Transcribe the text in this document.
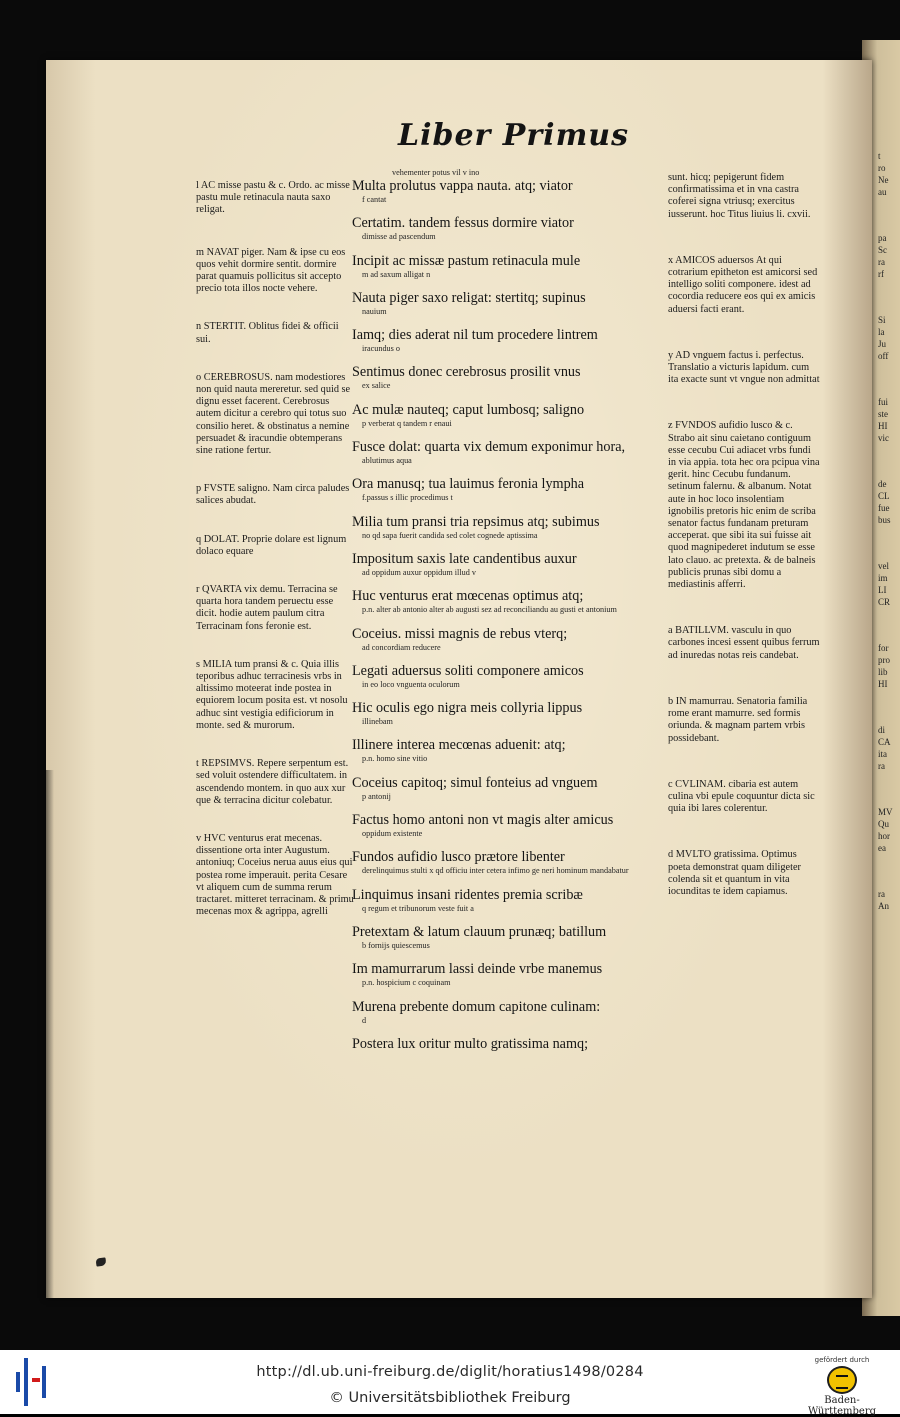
t
ro
Ne
au
pa
Sc
ra
rf
Si
la
Ju
off
fui
ste
HI
vic
de
CL
fue
bus
vel
im
LI
CR
for
pro
lib
HI
di
CA
ita
ra
MV
Qu
hor
ea
ra
An
Liber Primus
l AC misse pastu & c. Ordo. ac misse pastu mule retinacula nauta saxo religat.
m NAVAT piger. Nam & ipse cu eos quos vehit dormire sentit. dormire parat quamuis pollicitus sit accepto precio tota illos nocte vehere.
n STERTIT. Oblitus fidei & officii sui.
o CEREBROSUS. nam modestiores non quid nauta mereretur. sed quid se dignu esset facerent. Cerebrosus autem dicitur a cerebro qui totus suo consilio heret. & obstinatus a nemine persuadet & iracundie obtemperans sine ratione fertur.
p FVSTE saligno. Nam circa paludes salices abudat.
q DOLAT. Proprie dolare est lignum dolaco equare
r QVARTA vix demu. Terracina se quarta hora tandem peruectu esse dicit. hodie autem paulum citra Terracinam fons feronie est.
s MILIA tum pransi & c. Quia illis teporibus adhuc terracinesis vrbs in altissimo moteerat inde postea in equiorem locum posita est. vt nosolu adhuc sint vestigia edificiorum in monte. sed & murorum.
t REPSIMVS. Repere serpentum est. sed voluit ostendere difficultatem. in ascendendo montem. in quo aux xur que & terracina dicitur colebatur.
v HVC venturus erat mecenas. dissentione orta inter Augustum. antoniuq; Coceius nerua auus eius qui postea rome imperauit. perita Cesare vt aliquem cum de summa rerum tractaret. mitteret terracinam. & primu mecenas mox & agrippa, agrelli
vehementer potus vil v ino
Multa prolutus vappa nauta. atq; viator
f cantat
Certatim. tandem fessus dormire viator
dimisse ad pascendum
Incipit ac missæ pastum retinacula mule
m ad saxum alligat n
Nauta piger saxo religat: stertitq; supinus
nauium
Iamq; dies aderat nil tum procedere lintrem
iracundus o
Sentimus donec cerebrosus prosilit vnus
ex salice
Ac mulæ nauteq; caput lumbosq; saligno
p verberat q tandem r enaui
Fusce dolat: quarta vix demum exponimur hora,
ablutimus aqua
Ora manusq; tua lauimus feronia lympha
f.passus s illic procedimus t
Milia tum pransi tria repsimus atq; subimus
no qd sapa fuerit candida sed colet cognede aptissima
Impositum saxis late candentibus auxur
ad oppidum auxur oppidum illud v
Huc venturus erat mœcenas optimus atq;
p.n. alter ab antonio alter ab augusti sez ad reconciliandu au gusti et antonium
Coceius. missi magnis de rebus vterq;
ad concordiam reducere
Legati aduersus soliti componere amicos
in eo loco vnguenta oculorum
Hic oculis ego nigra meis collyria lippus
illinebam
Illinere interea mecœnas aduenit: atq;
p.n. homo sine vitio
Coceius capitoq; simul fonteius ad vnguem
p antonij
Factus homo antoni non vt magis alter amicus
oppidum existente
Fundos aufidio lusco prætore libenter
derelinquimus stulti x qd officiu inter cetera infimo ge neri hominum mandabatur
Linquimus insani ridentes premia scribæ
q regum et tribunorum veste fuit a
Pretextam & latum clauum prunæq; batillum
b fornijs quiescemus
Im mamurrarum lassi deinde vrbe manemus
p.n. hospicium c coquinam
Murena prebente domum capitone culinam:
d
Postera lux oritur multo gratissima namq;
sunt. hicq; pepigerunt fidem confirmatissima et in vna castra coferei signa vtriusq; exercitus iusserunt. hoc Titus liuius li. cxvii.
x AMICOS aduersos At qui cotrarium epitheton est amicorsi sed intelligo soliti componere. idest ad cocordia reducere eos qui ex amicis aduersi facti erant.
y AD vnguem factus i. perfectus. Translatio a victuris lapidum. cum ita exacte sunt vt vngue non admittat
z FVNDOS aufidio lusco & c. Strabo ait sinu caietano contiguum esse cecubu Cui adiacet vrbs fundi in via appia. tota hec ora pcipua vina gerit. hinc Cecubu fundanum. setinum falernu. & albanum. Notat aute in hoc loco insolentiam ignobilis pretoris hic enim de scriba senator factus fundanam preturam acceperat. que sibi ita sui fuisse ait quod magnipederet indutum se esse lato clauo. ac pretexta. & de balneis publicis prunas sibi domu a mediastinis afferri.
a BATILLVM. vasculu in quo carbones incesi essent quibus ferrum ad inuredas notas reis candebat.
b IN mamurrau. Senatoria familia rome erant mamurre. sed formis oriunda. & magnam partem vrbis possidebant.
c CVLINAM. cibaria est autem culina vbi epule coquuntur dicta sic quia ibi lares colerentur.
d MVLTO gratissima. Optimus poeta demonstrat quam diligeter colenda sit et quantum in vita iocunditas te idem capiamus.
http://dl.ub.uni-freiburg.de/diglit/horatius1498/0284
© Universitätsbibliothek Freiburg
gefördert durch
Baden-Württemberg
